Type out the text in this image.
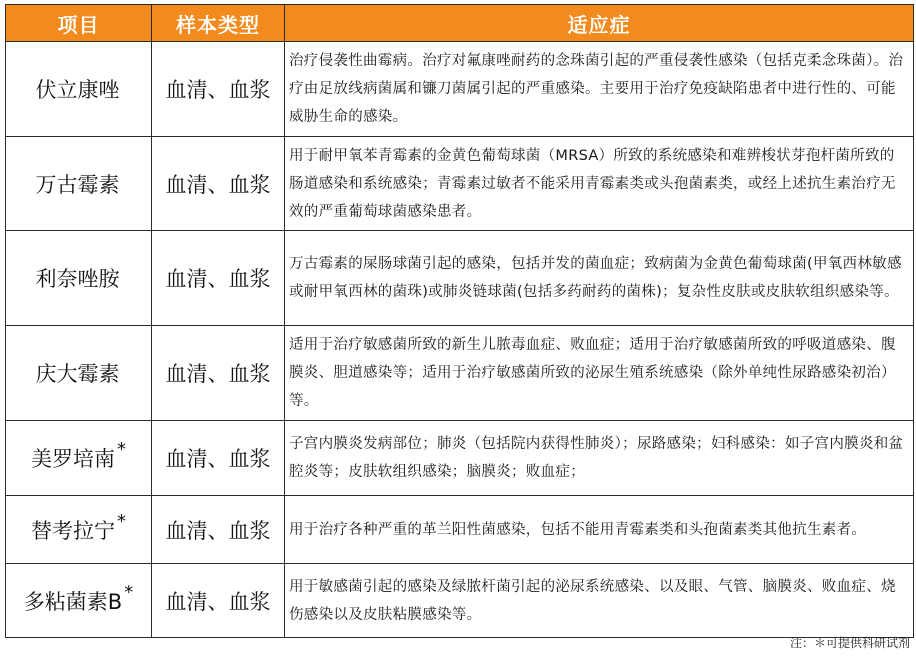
项目	样本类型	适应症
伏立康唑	血清、血浆	治疗侵袭性曲霉病。治疗对氟康唑耐药的念珠菌引起的严重侵袭性感染（包括克柔念珠菌）。治疗由足放线病菌属和镰刀菌属引起的严重感染。主要用于治疗免疫缺陷患者中进行性的、可能威胁生命的感染。
万古霉素	血清、血浆	用于耐甲氧苯青霉素的金黄色葡萄球菌（MRSA）所致的系统感染和难辨梭状芽孢杆菌所致的肠道感染和系统感染；青霉素过敏者不能采用青霉素类或头孢菌素类，或经上述抗生素治疗无效的严重葡萄球菌感染患者。
利奈唑胺	血清、血浆	万古霉素的屎肠球菌引起的感染，包括并发的菌血症；致病菌为金黄色葡萄球菌(甲氧西林敏感或耐甲氧西林的菌珠)或肺炎链球菌(包括多药耐药的菌株)；复杂性皮肤或皮肤软组织感染等。
庆大霉素	血清、血浆	适用于治疗敏感菌所致的新生儿脓毒血症、败血症；适用于治疗敏感菌所致的呼吸道感染、腹膜炎、胆道感染等；适用于治疗敏感菌所致的泌尿生殖系统感染（除外单纯性尿路感染初治）等。
美罗培南 *	血清、血浆	子宫内膜炎发病部位；肺炎（包括院内获得性肺炎）；尿路感染；妇科感染：如子宫内膜炎和盆腔炎等；皮肤软组织感染；脑膜炎；败血症；
替考拉宁 *	血清、血浆	用于治疗各种严重的革兰阳性菌感染，包括不能用青霉素类和头孢菌素类其他抗生素者。
多粘菌素B *	血清、血浆	用于敏感菌引起的感染及绿脓杆菌引起的泌尿系统感染、以及眼、气管、脑膜炎、败血症、烧伤感染以及皮肤粘膜感染等。
注：＊可提供科研试剂
